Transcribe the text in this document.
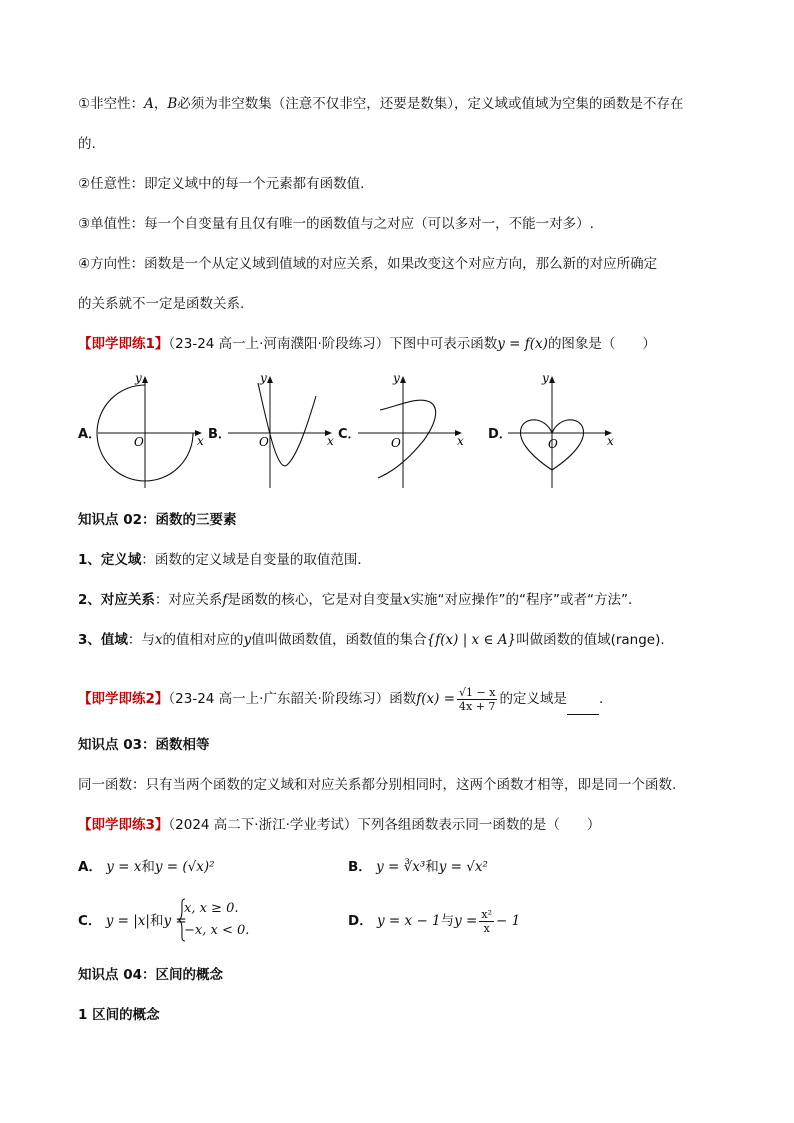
①非空性：A，B必须为非空数集（注意不仅非空，还要是数集），定义域或值域为空集的函数是不存在
的.
②任意性：即定义域中的每一个元素都有函数值.
③单值性：每一个自变量有且仅有唯一的函数值与之对应（可以多对一，不能一对多）.
④方向性：函数是一个从定义域到值域的对应关系，如果改变这个对应方向，那么新的对应所确定
的关系就不一定是函数关系.
【即学即练1】（23-24 高一上·河南濮阳·阶段练习）下图中可表示函数y = f(x)的图象是（　　）
A．	B．	C．	D．
x
y
O	x
y
O	x
y
O	x
y
O
知识点 02：函数的三要素
1、定义域：函数的定义域是自变量的取值范围．
2、对应关系：对应关系f是函数的核心，它是对自变量x实施“对应操作”的“程序”或者“方法”．
3、值域：与x的值相对应的y值叫做函数值，函数值的集合{f(x) | x ∈ A}叫做函数的值域(range).
【即学即练2】（23-24 高一上·广东韶关·阶段练习）函数$f(x) = \frac{√1 - x}{4x + 7}$ 的定义域是 .
知识点 03：函数相等
同一函数：只有当两个函数的定义域和对应关系都分别相同时，这两个函数才相等，即是同一个函数.
【即学即练3】（2024 高二下·浙江·学业考试）下列各组函数表示同一函数的是（　　）
A． y = x和y = (√x)²	B． y = ∛x³和y = √x²
C． y = |x|和y =
x, x ≥ 0.
−x, x < 0.
D． y = x − 1与$y = \frac{\text{x²}}{x} - 1$
知识点 04：区间的概念
1 区间的概念
